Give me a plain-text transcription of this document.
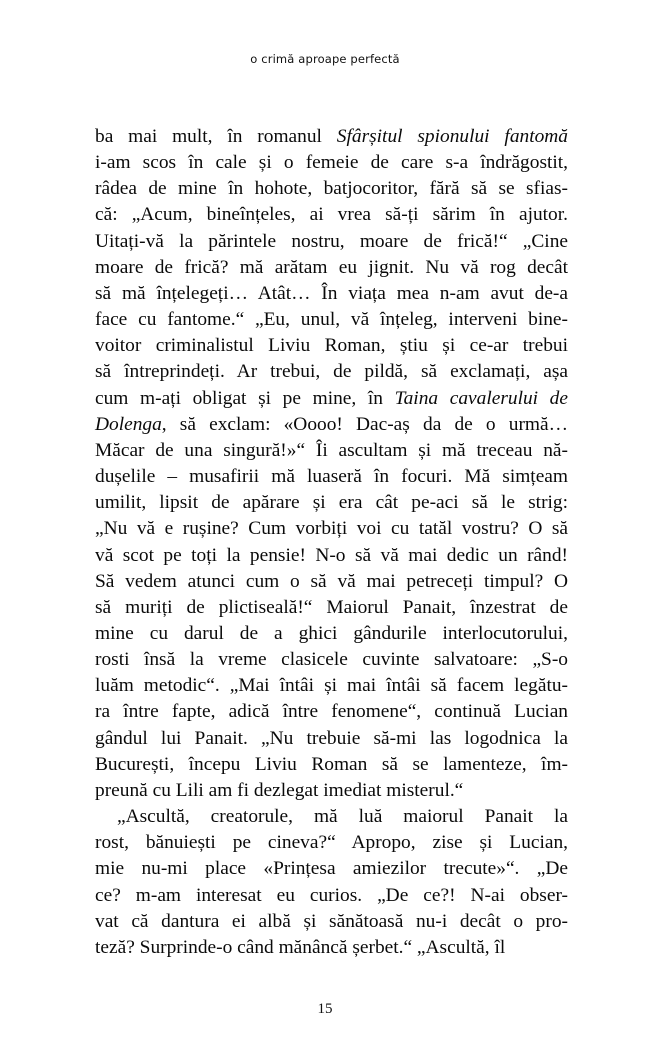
o crimă aproape perfectă

ba mai mult, în romanul Sfârșitul spionului fantomă
i-am scos în cale și o femeie de care s-a îndrăgostit,
râdea de mine în hohote, batjocoritor, fără să se sfias-
că: „Acum, bineînțeles, ai vrea să-ți sărim în ajutor.
Uitați-vă la părintele nostru, moare de frică!“ „Cine
moare de frică? mă arătam eu jignit. Nu vă rog decât
să mă înțelegeți… Atât… În viața mea n-am avut de-a
face cu fantome.“ „Eu, unul, vă înțeleg, interveni bine-
voitor criminalistul Liviu Roman, știu și ce-ar trebui
să întreprindeți. Ar trebui, de pildă, să exclamați, așa
cum m-ați obligat și pe mine, în Taina cavalerului de
Dolenga, să exclam: «Oooo! Dac-aș da de o urmă…
Măcar de una singură!»“ Îi ascultam și mă treceau nă-
dușelile – musafirii mă luaseră în focuri. Mă simțeam
umilit, lipsit de apărare și era cât pe-aci să le strig:
„Nu vă e rușine? Cum vorbiți voi cu tatăl vostru? O să
vă scot pe toți la pensie! N-o să vă mai dedic un rând!
Să vedem atunci cum o să vă mai petreceți timpul? O
să muriți de plictiseală!“ Maiorul Panait, înzestrat de
mine cu darul de a ghici gândurile interlocutorului,
rosti însă la vreme clasicele cuvinte salvatoare: „S-o
luăm metodic“. „Mai întâi și mai întâi să facem legătu-
ra între fapte, adică între fenomene“, continuă Lucian
gândul lui Panait. „Nu trebuie să-mi las logodnica la
București, începu Liviu Roman să se lamenteze, îm-
preună cu Lili am fi dezlegat imediat misterul.“

„Ascultă, creatorule, mă luă maiorul Panait la
rost, bănuiești pe cineva?“ Apropo, zise și Lucian,
mie nu-mi place «Prințesa amiezilor trecute»“. „De
ce? m-am interesat eu curios. „De ce?! N-ai obser-
vat că dantura ei albă și sănătoasă nu-i decât o pro-
teză? Surprinde-o când mănâncă șerbet.“ „Ascultă, îl

15
